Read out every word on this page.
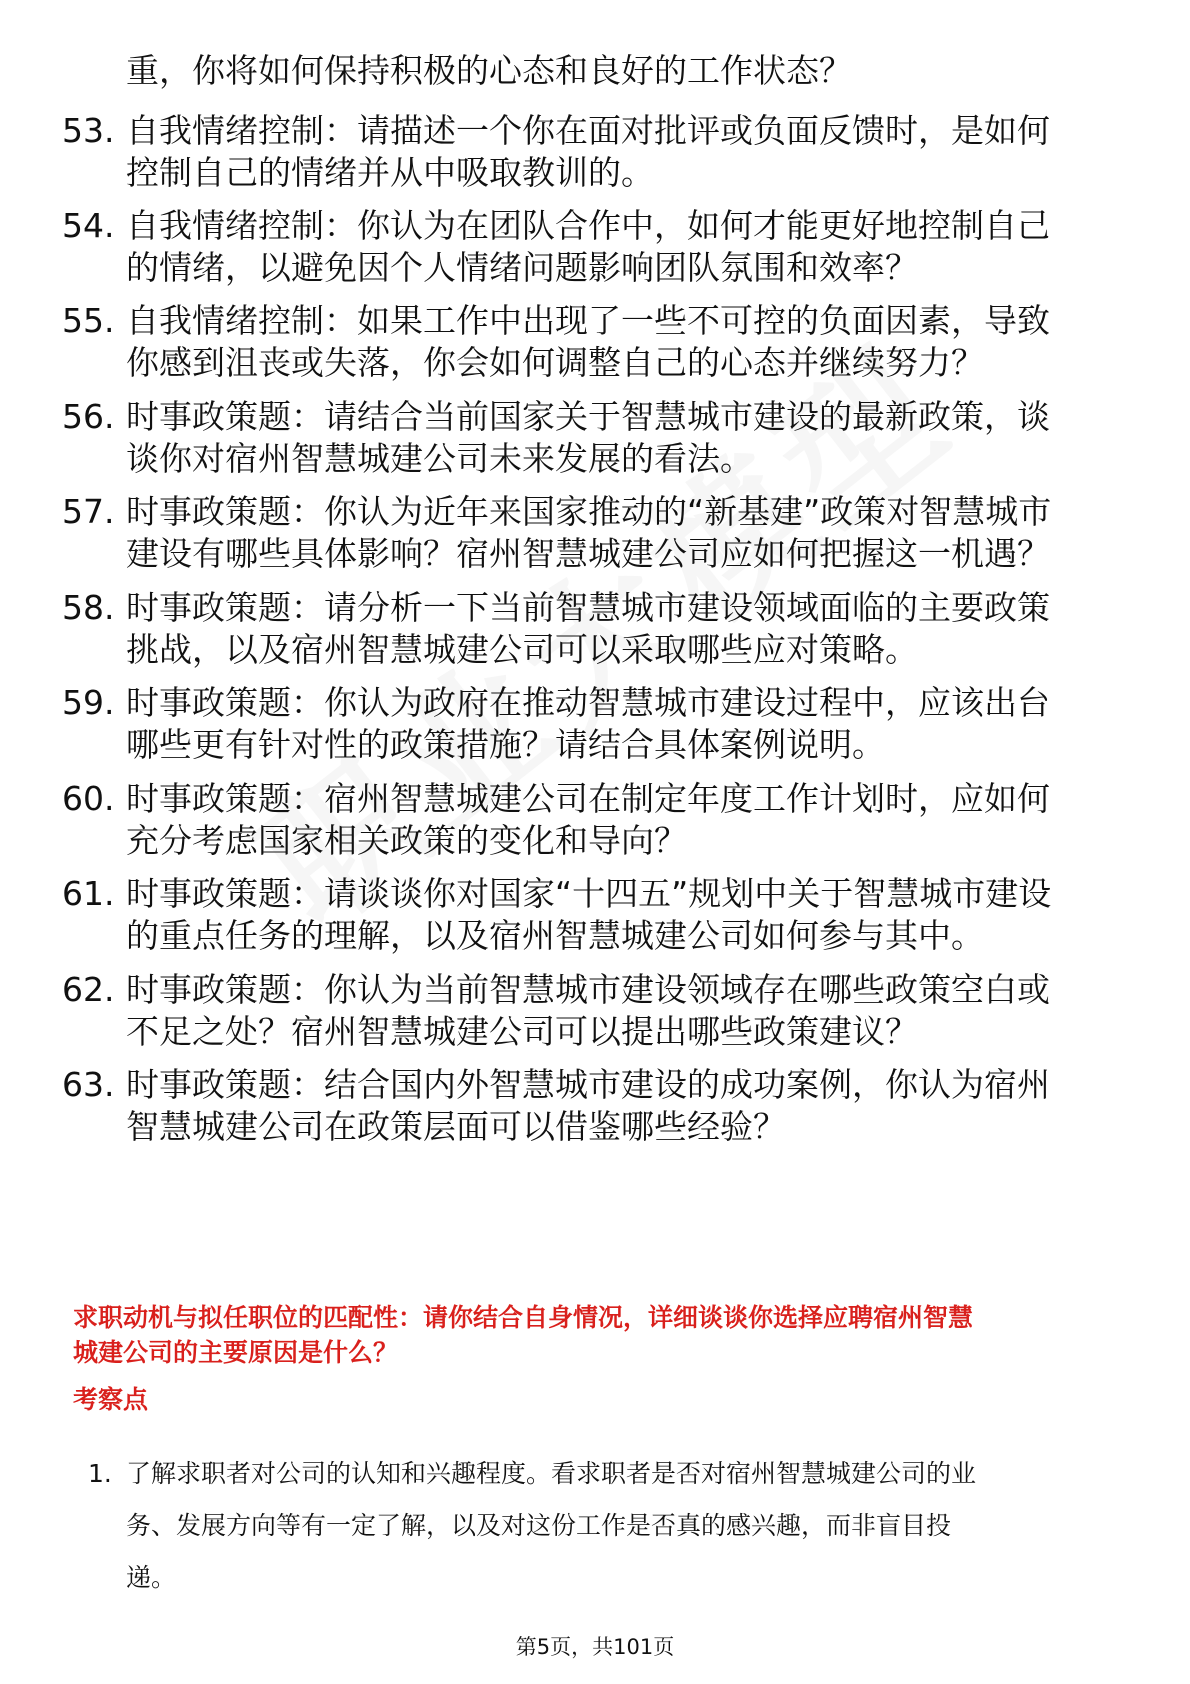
重，你将如何保持积极的心态和良好的工作状态？
53. 自我情绪控制：请描述一个你在面对批评或负面反馈时，是如何
控制自己的情绪并从中吸取教训的。
54. 自我情绪控制：你认为在团队合作中，如何才能更好地控制自己
的情绪，以避免因个人情绪问题影响团队氛围和效率？
55. 自我情绪控制：如果工作中出现了一些不可控的负面因素，导致
你感到沮丧或失落，你会如何调整自己的心态并继续努力？
56. 时事政策题：请结合当前国家关于智慧城市建设的最新政策，谈
谈你对宿州智慧城建公司未来发展的看法。
57. 时事政策题：你认为近年来国家推动的“新基建”政策对智慧城市
建设有哪些具体影响？宿州智慧城建公司应如何把握这一机遇？
58. 时事政策题：请分析一下当前智慧城市建设领域面临的主要政策
挑战，以及宿州智慧城建公司可以采取哪些应对策略。
59. 时事政策题：你认为政府在推动智慧城市建设过程中，应该出台
哪些更有针对性的政策措施？请结合具体案例说明。
60. 时事政策题：宿州智慧城建公司在制定年度工作计划时，应如何
充分考虑国家相关政策的变化和导向？
61. 时事政策题：请谈谈你对国家“十四五”规划中关于智慧城市建设
的重点任务的理解，以及宿州智慧城建公司如何参与其中。
62. 时事政策题：你认为当前智慧城市建设领域存在哪些政策空白或
不足之处？宿州智慧城建公司可以提出哪些政策建议？
63. 时事政策题：结合国内外智慧城市建设的成功案例，你认为宿州
智慧城建公司在政策层面可以借鉴哪些经验？
求职动机与拟任职位的匹配性：请你结合自身情况，详细谈谈你选择应聘宿州智慧
城建公司的主要原因是什么？
考察点
1. 了解求职者对公司的认知和兴趣程度。看求职者是否对宿州智慧城建公司的业
务、发展方向等有一定了解，以及对这份工作是否真的感兴趣，而非盲目投
递。
第5页，共101页
